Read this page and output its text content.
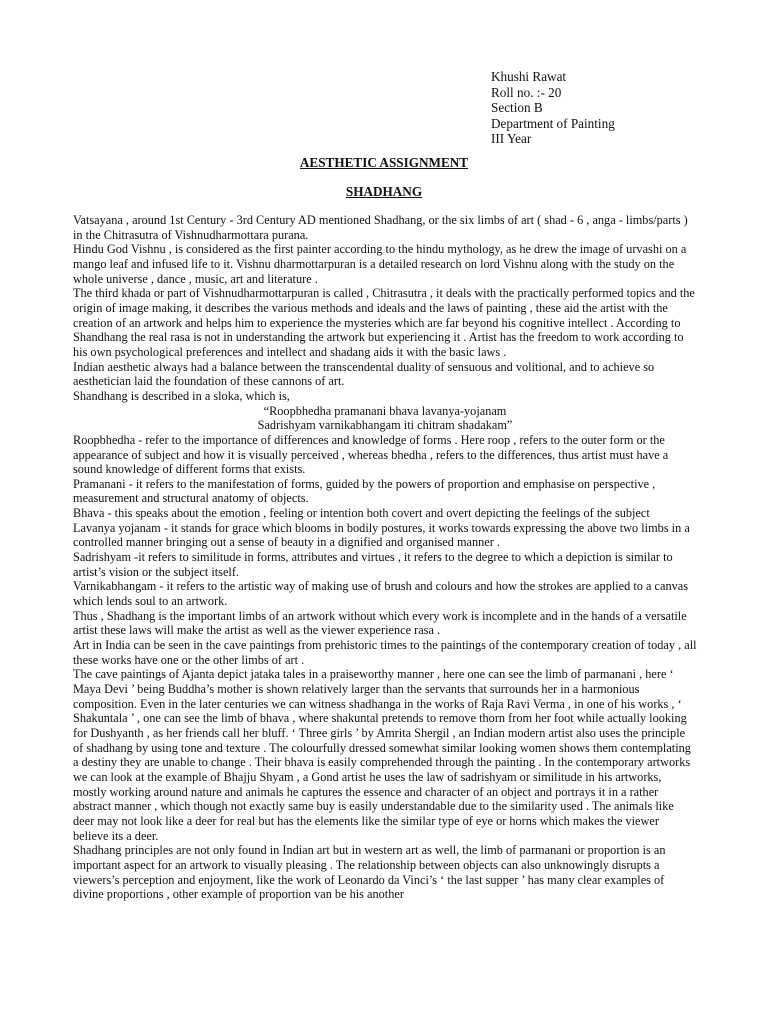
Khushi Rawat
Roll no. :- 20
Section B
Department of Painting
III Year
AESTHETIC ASSIGNMENT
SHADHANG

Vatsayana , around 1st Century - 3rd Century AD mentioned Shadhang, or the six limbs of art ( shad - 6 , anga - limbs/parts ) in the Chitrasutra of Vishnudharmottara purana.

Hindu God Vishnu , is considered as the first painter according to the hindu mythology, as he drew the image of urvashi on a mango leaf and infused life to it. Vishnu dharmottarpuran is a detailed research on lord Vishnu along with the study on the whole universe , dance , music, art and literature .

The third khada or part of Vishnudharmottarpuran is called , Chitrasutra , it deals with the practically performed topics and the origin of image making, it describes the various methods and ideals and the laws of painting , these aid the artist with the creation of an artwork and helps him to experience the mysteries which are far beyond his cognitive intellect . According to Shandhang the real rasa is not in understanding the artwork but experiencing it . Artist has the freedom to work according to his own psychological preferences and intellect and shadang aids it with the basic laws .

Indian aesthetic always had a balance between the transcendental duality of sensuous and volitional, and to achieve so aesthetician laid the foundation of these cannons of art.

Shandhang is described in a sloka, which is,

“Roopbhedha pramanani bhava lavanya-yojanam

Sadrishyam varnikabhangam iti chitram shadakam”

Roopbhedha - refer to the importance of differences and knowledge of forms . Here roop , refers to the outer form or the appearance of subject and how it is visually perceived , whereas bhedha , refers to the differences, thus artist must have a sound knowledge of different forms that exists.

Pramanani - it refers to the manifestation of forms, guided by the powers of proportion and emphasise on perspective , measurement and structural anatomy of objects.

Bhava - this speaks about the emotion , feeling or intention both covert and overt depicting the feelings of the subject

Lavanya yojanam - it stands for grace which blooms in bodily postures, it works towards expressing the above two limbs in a controlled manner bringing out a sense of beauty in a dignified and organised manner .

Sadrishyam -it refers to similitude in forms, attributes and virtues , it refers to the degree to which a depiction is similar to artist’s vision or the subject itself.

Varnikabhangam - it refers to the artistic way of making use of brush and colours and how the strokes are applied to a canvas which lends soul to an artwork.

Thus , Shadhang is the important limbs of an artwork without which every work is incomplete and in the hands of a versatile artist these laws will make the artist as well as the viewer experience rasa .

Art in India can be seen in the cave paintings from prehistoric times to the paintings of the contemporary creation of today , all these works have one or the other limbs of art .

The cave paintings of Ajanta depict jataka tales in a praiseworthy manner , here one can see the limb of parmanani , here ‘ Maya Devi ’ being Buddha’s mother is shown relatively larger than the servants that surrounds her in a harmonious composition. Even in the later centuries we can witness shadhanga in the works of Raja Ravi Verma , in one of his works , ‘ Shakuntala ’ , one can see the limb of bhava , where shakuntal pretends to remove thorn from her foot while actually looking for Dushyanth , as her friends call her bluff. ‘ Three girls ’ by Amrita Shergil , an Indian modern artist also uses the principle of shadhang by using tone and texture . The colourfully dressed somewhat similar looking women shows them contemplating a destiny they are unable to change . Their bhava is easily comprehended through the painting . In the contemporary artworks we can look at the example of Bhajju Shyam , a Gond artist he uses the law of sadrishyam or similitude in his artworks, mostly working around nature and animals he captures the essence and character of an object and portrays it in a rather abstract manner , which though not exactly same buy is easily understandable due to the similarity used . The animals like deer may not look like a deer for real but has the elements like the similar type of eye or horns which makes the viewer believe its a deer.

Shadhang principles are not only found in Indian art but in western art as well, the limb of parmanani or proportion is an important aspect for an artwork to visually pleasing . The relationship between objects can also unknowingly disrupts a viewers’s perception and enjoyment, like the work of Leonardo da Vinci’s ‘ the last supper ’ has many clear examples of divine proportions , other example of proportion van be his another
